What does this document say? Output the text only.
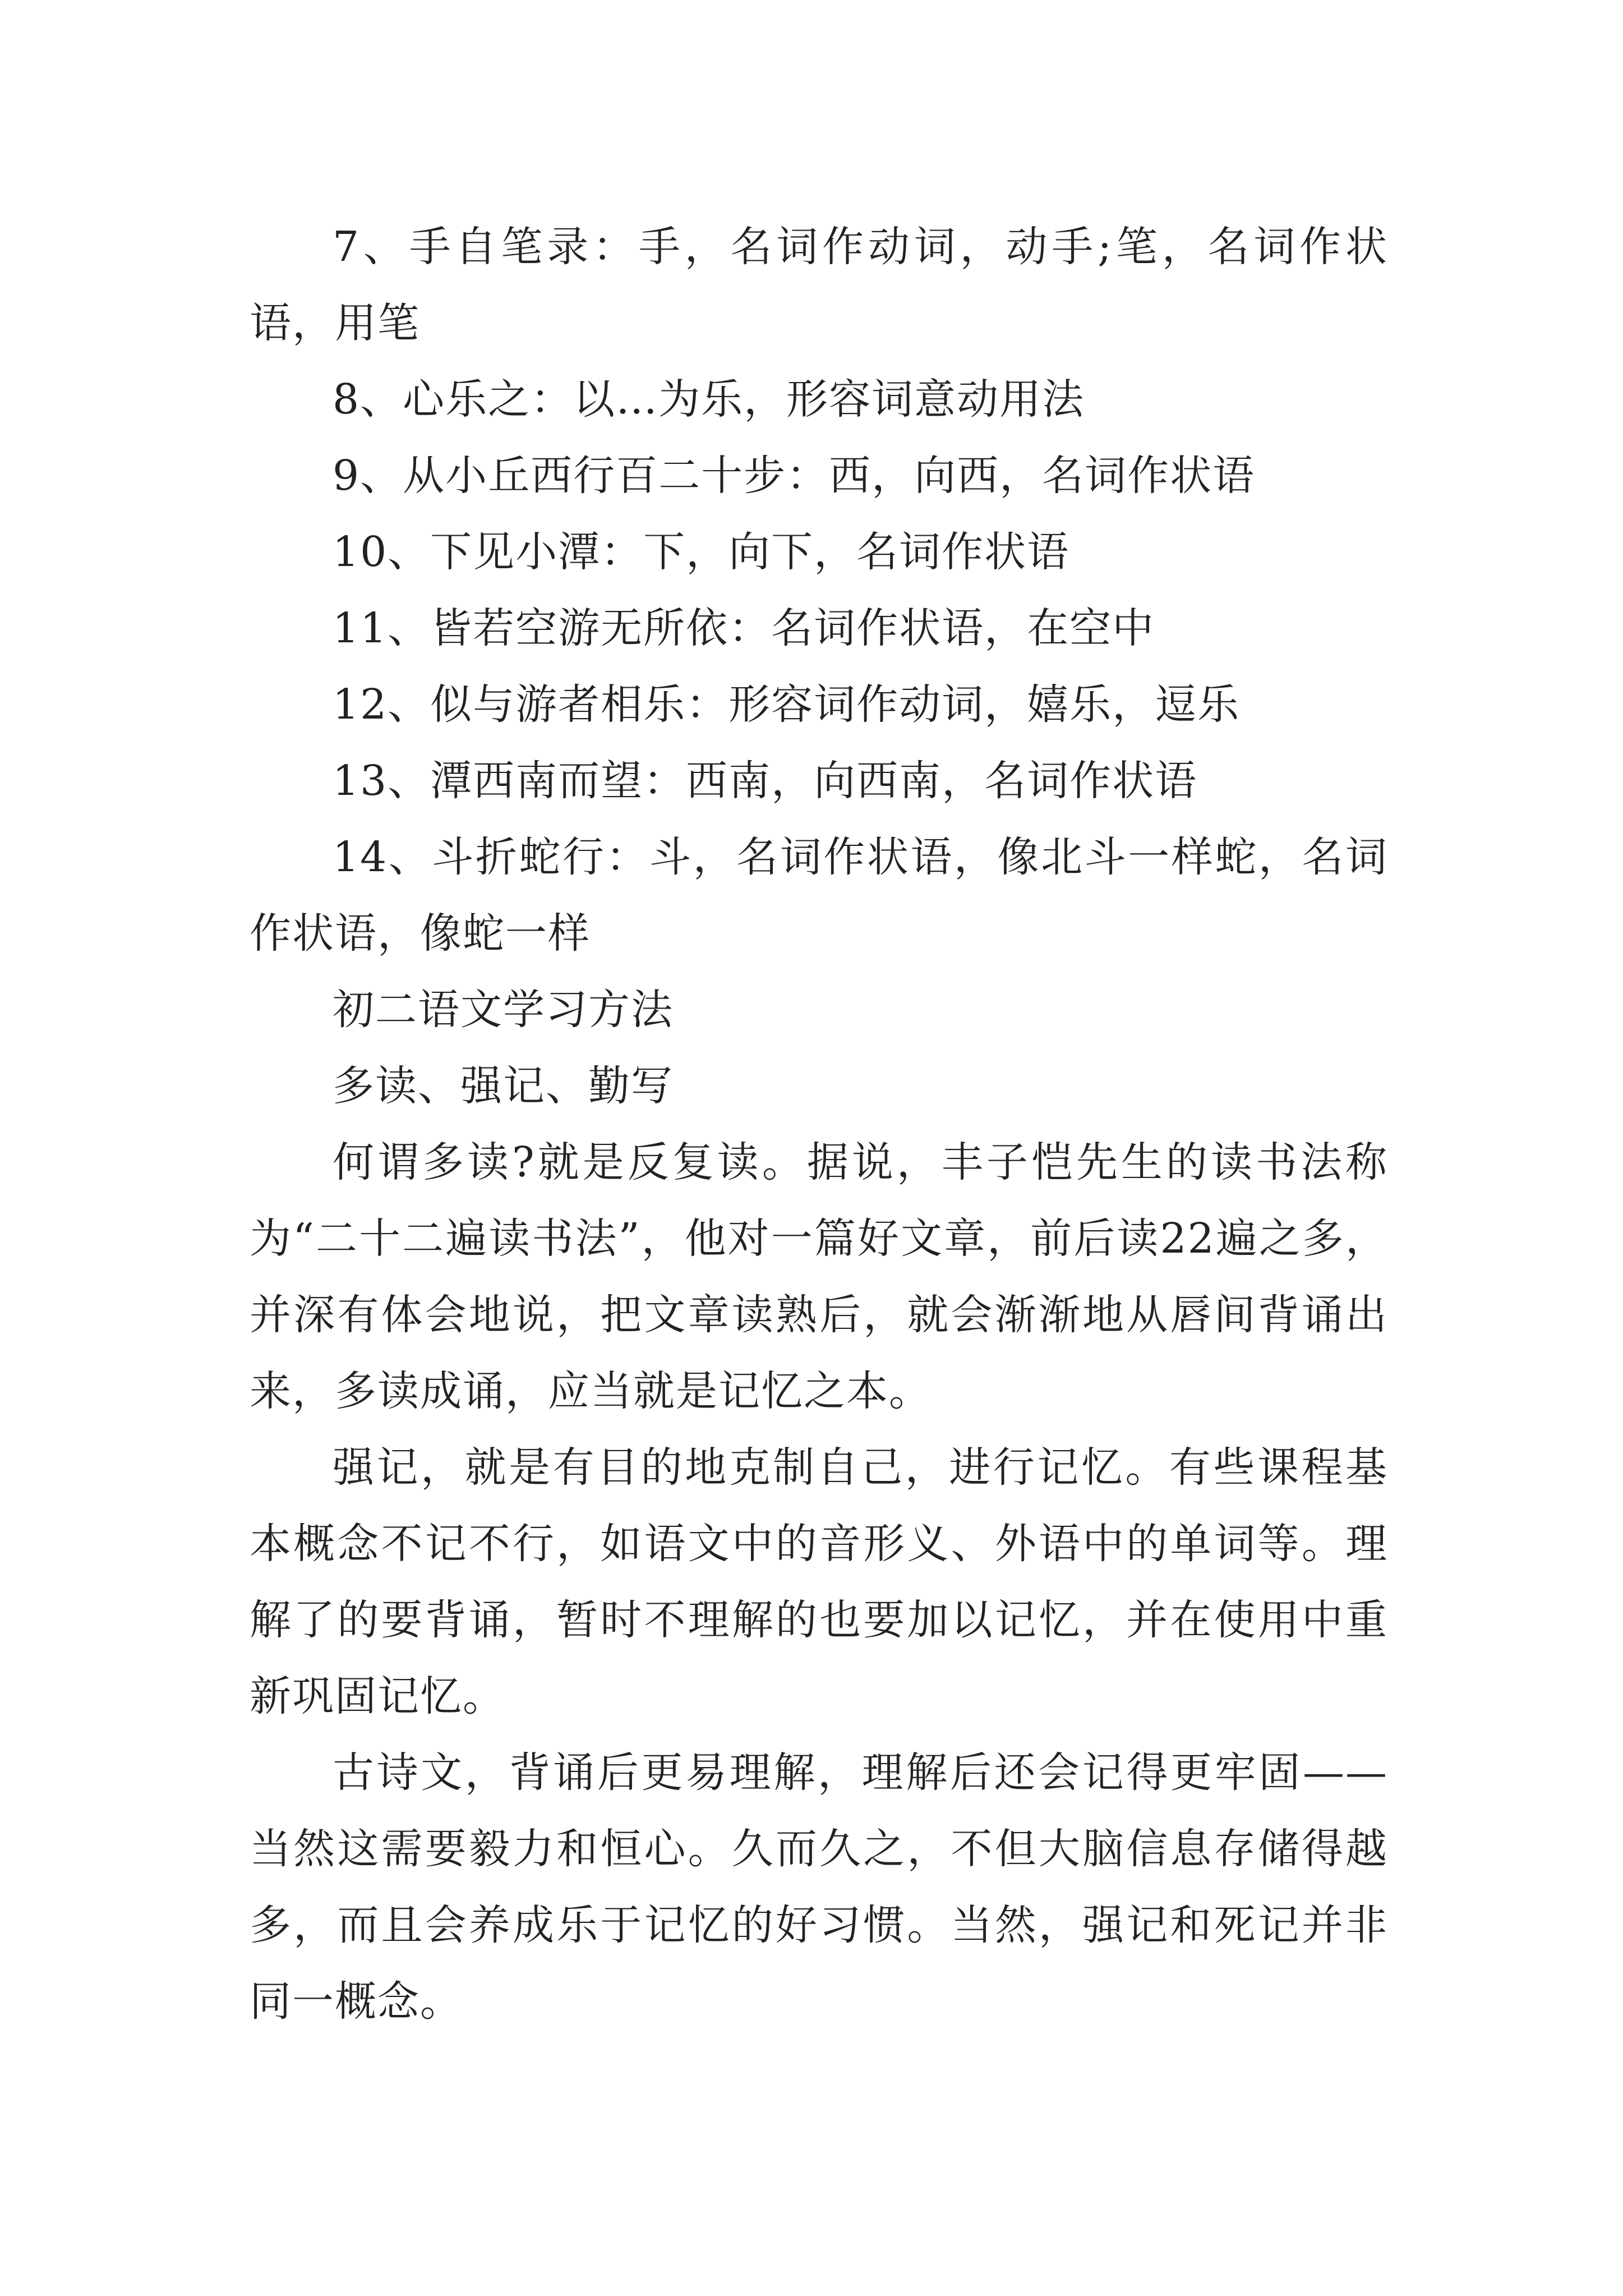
7、手自笔录：手，名词作动词，动手;笔，名词作状语，用笔

8、心乐之：以…为乐，形容词意动用法

9、从小丘西行百二十步：西，向西，名词作状语

10、下见小潭：下，向下，名词作状语

11、皆若空游无所依：名词作状语，在空中

12、似与游者相乐：形容词作动词，嬉乐，逗乐

13、潭西南而望：西南，向西南，名词作状语

14、斗折蛇行：斗，名词作状语，像北斗一样蛇，名词作状语，像蛇一样

初二语文学习方法

多读、强记、勤写

何谓多读?就是反复读。据说，丰子恺先生的读书法称为“二十二遍读书法”，他对一篇好文章，前后读22遍之多，并深有体会地说，把文章读熟后，就会渐渐地从唇间背诵出来，多读成诵，应当就是记忆之本。

强记，就是有目的地克制自己，进行记忆。有些课程基本概念不记不行，如语文中的音形义、外语中的单词等。理解了的要背诵，暂时不理解的也要加以记忆，并在使用中重新巩固记忆。

古诗文，背诵后更易理解，理解后还会记得更牢固——当然这需要毅力和恒心。久而久之，不但大脑信息存储得越多，而且会养成乐于记忆的好习惯。当然，强记和死记并非同一概念。
